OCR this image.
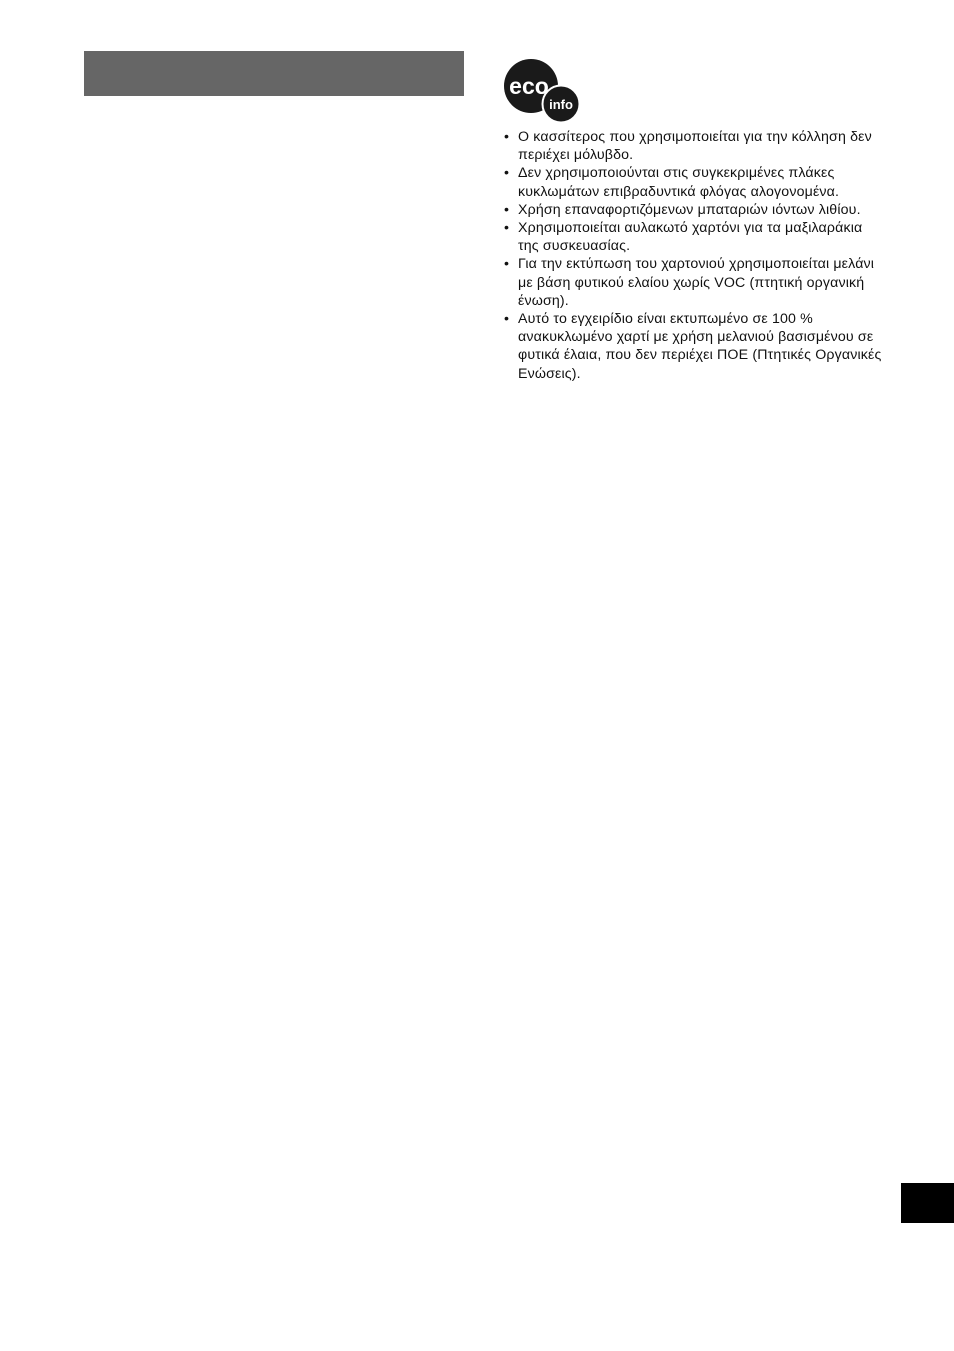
eco
info
• Ο κασσίτερος που χρησιμοποιείται για την κόλληση δεν περιέχει μόλυβδο.
• Δεν χρησιμοποιούνται στις συγκεκριμένες πλάκες κυκλωμάτων επιβραδυντικά φλόγας αλογονομένα.
• Χρήση επαναφορτιζόμενων μπαταριών ιόντων λιθίου.
• Χρησιμοποιείται αυλακωτό χαρτόνι για τα μαξιλαράκια της συσκευασίας.
• Για την εκτύπωση του χαρτονιού χρησιμοποιείται μελάνι με βάση φυτικού ελαίου χωρίς VOC (πτητική οργανική ένωση).
• Αυτό το εγχειρίδιο είναι εκτυπωμένο σε 100 % ανακυκλωμένο χαρτί με χρήση μελανιού βασισμένου σε φυτικά έλαια, που δεν περιέχει ΠΟΕ (Πτητικές Οργανικές Ενώσεις).
